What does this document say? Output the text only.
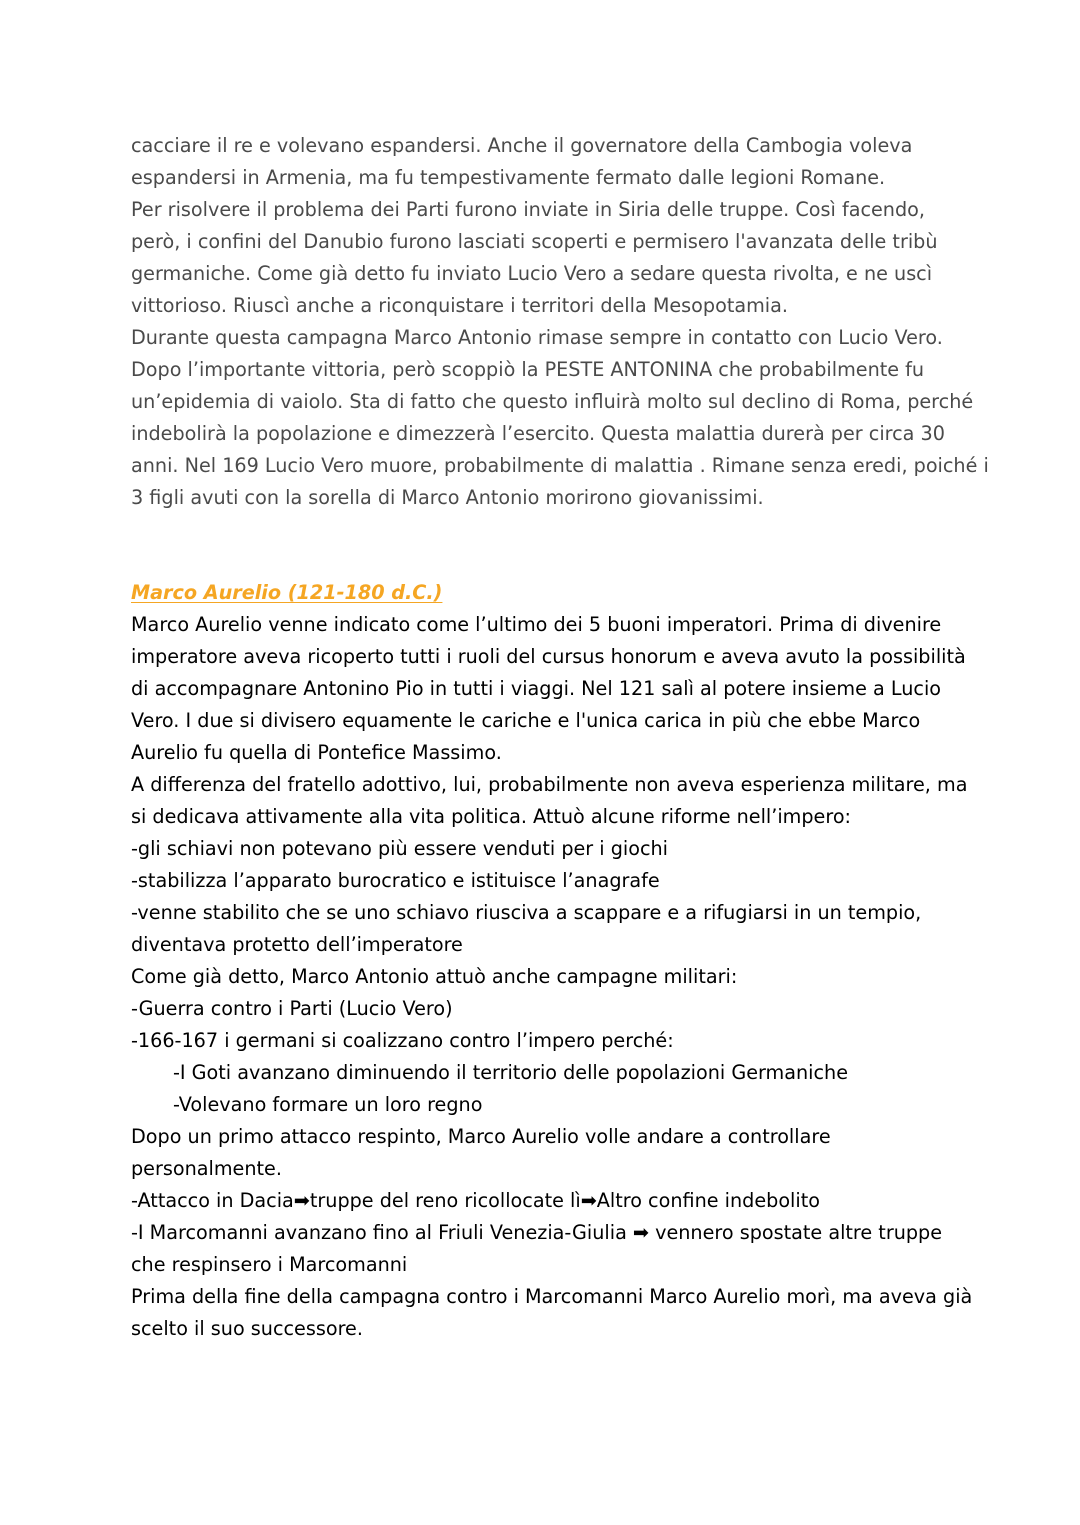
cacciare il re e volevano espandersi. Anche il governatore della Cambogia voleva
espandersi in Armenia, ma fu tempestivamente fermato dalle legioni Romane.
Per risolvere il problema dei Parti furono inviate in Siria delle truppe. Così facendo,
però, i confini del Danubio furono lasciati scoperti e permisero l'avanzata delle tribù
germaniche. Come già detto fu inviato Lucio Vero a sedare questa rivolta, e ne uscì
vittorioso. Riuscì anche a riconquistare i territori della Mesopotamia.
Durante questa campagna Marco Antonio rimase sempre in contatto con Lucio Vero.
Dopo l’importante vittoria, però scoppiò la PESTE ANTONINA che probabilmente fu
un’epidemia di vaiolo. Sta di fatto che questo influirà molto sul declino di Roma, perché
indebolirà la popolazione e dimezzerà l’esercito. Questa malattia durerà per circa 30
anni. Nel 169 Lucio Vero muore, probabilmente di malattia . Rimane senza eredi, poiché i
3 figli avuti con la sorella di Marco Antonio morirono giovanissimi.
Marco Aurelio (121-180 d.C.)
Marco Aurelio venne indicato come l’ultimo dei 5 buoni imperatori. Prima di divenire
imperatore aveva ricoperto tutti i ruoli del cursus honorum e aveva avuto la possibilità
di accompagnare Antonino Pio in tutti i viaggi. Nel 121 salì al potere insieme a Lucio
Vero. I due si divisero equamente le cariche e l'unica carica in più che ebbe Marco
Aurelio fu quella di Pontefice Massimo.
A differenza del fratello adottivo, lui, probabilmente non aveva esperienza militare, ma
si dedicava attivamente alla vita politica. Attuò alcune riforme nell’impero:
-gli schiavi non potevano più essere venduti per i giochi
-stabilizza l’apparato burocratico e istituisce l’anagrafe
-venne stabilito che se uno schiavo riusciva a scappare e a rifugiarsi in un tempio,
diventava protetto dell’imperatore
Come già detto, Marco Antonio attuò anche campagne militari:
-Guerra contro i Parti (Lucio Vero)
-166-167 i germani si coalizzano contro l’impero perché:
-I Goti avanzano diminuendo il territorio delle popolazioni Germaniche
-Volevano formare un loro regno
Dopo un primo attacco respinto, Marco Aurelio volle andare a controllare
personalmente.
-Attacco in Dacia➡truppe del reno ricollocate lì➡Altro confine indebolito
-I Marcomanni avanzano fino al Friuli Venezia-Giulia ➡ vennero spostate altre truppe
che respinsero i Marcomanni
Prima della fine della campagna contro i Marcomanni Marco Aurelio morì, ma aveva già
scelto il suo successore.
